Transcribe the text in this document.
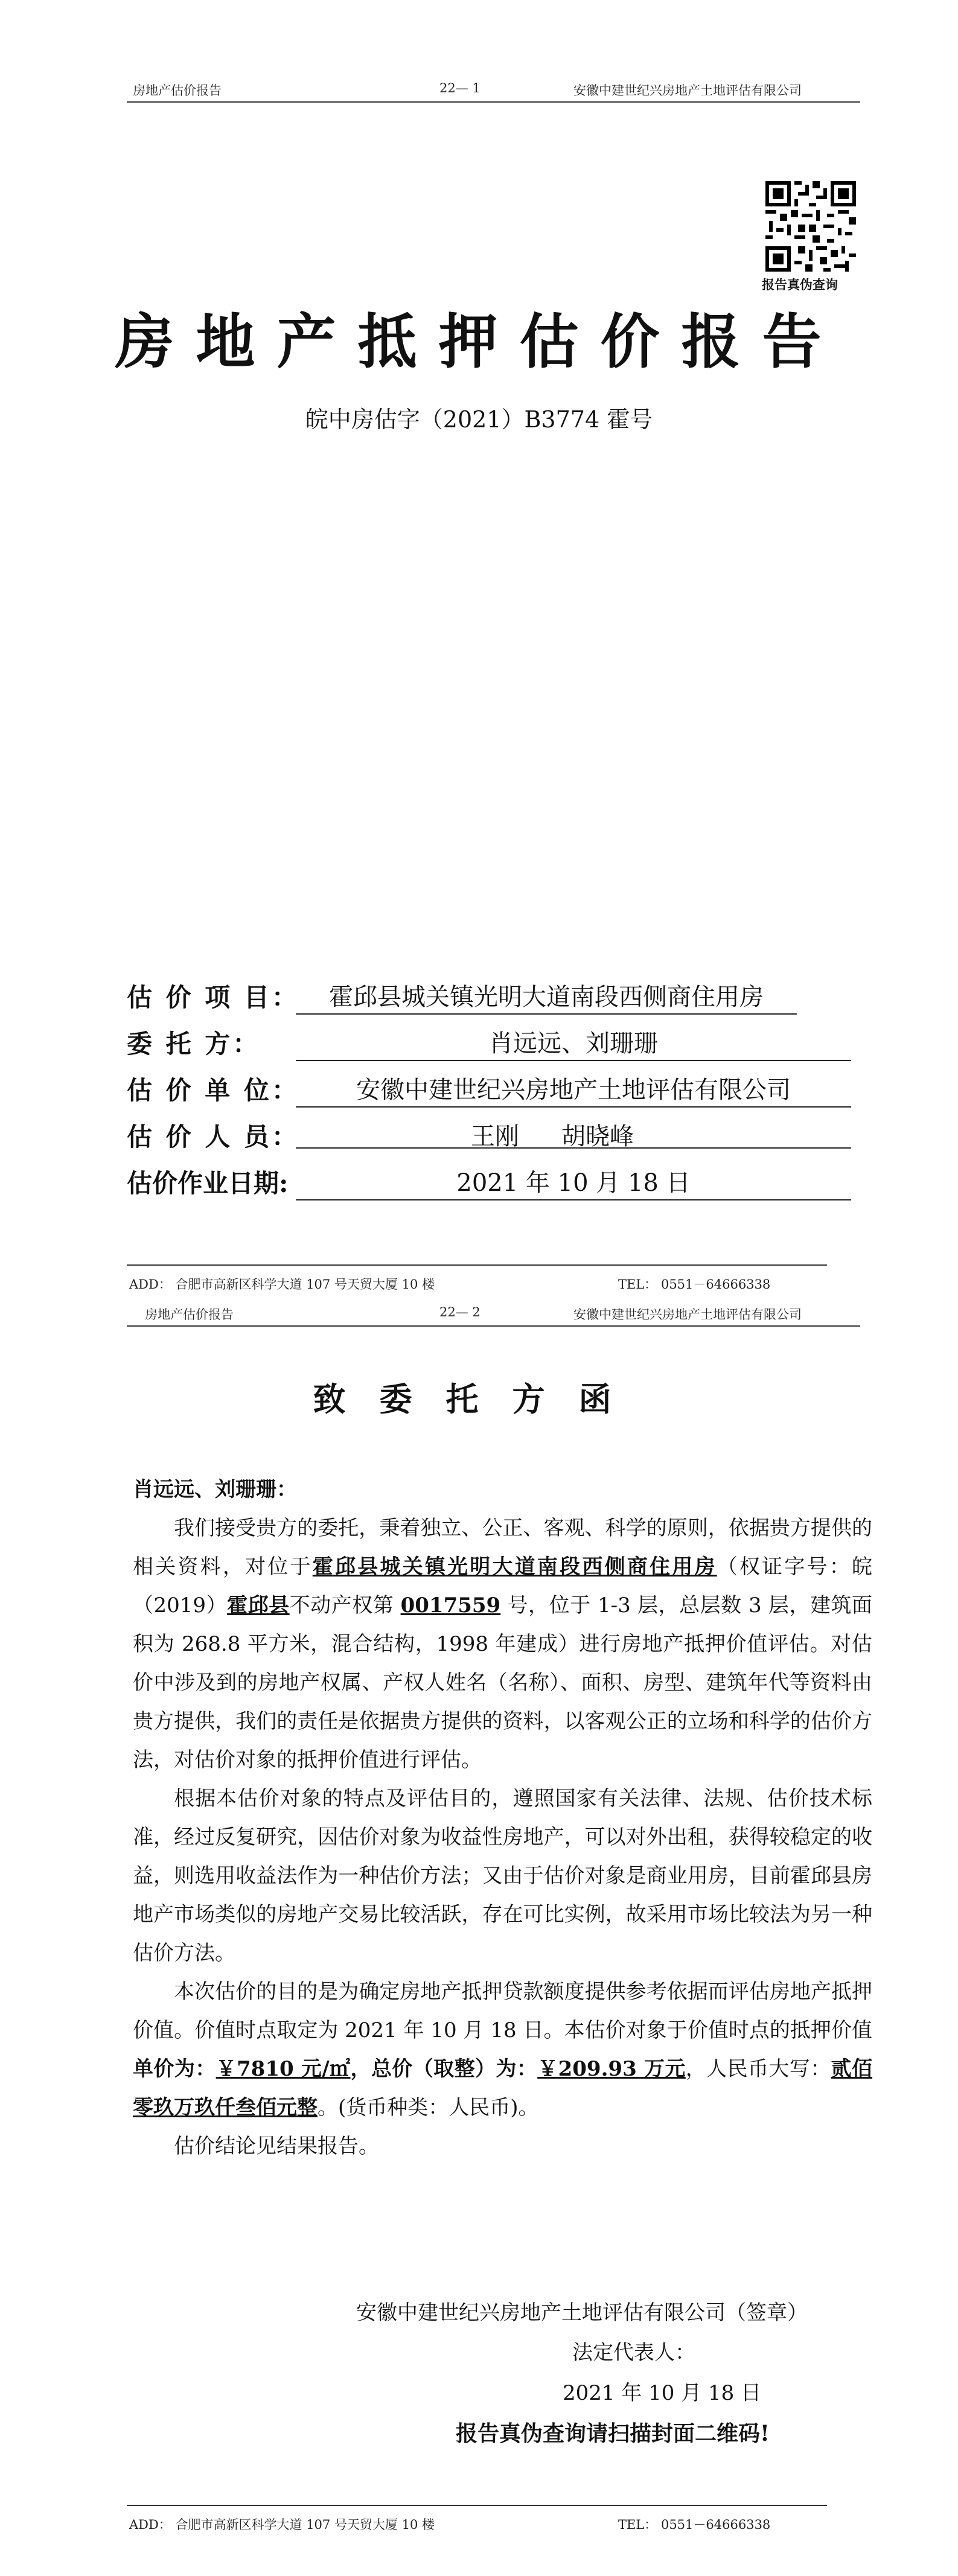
房地产估价报告	22— 1	安徽中建世纪兴房地产土地评估有限公司
报告真伪查询
房地产抵押估价报告
皖中房估字（2021）B3774 霍号
估 价 项 目：	霍邱县城关镇光明大道南段西侧商住用房
委 托 方：	肖远远、刘珊珊
估 价 单 位：	安徽中建世纪兴房地产土地评估有限公司
估 价 人 员：	王刚 胡晓峰
估价作业日期:	2021 年 10 月 18 日
ADD： 合肥市高新区科学大道 107 号天贸大厦 10 楼	TEL： 0551－64666338
房地产估价报告	22— 2	安徽中建世纪兴房地产土地评估有限公司
致委托方函
肖远远、刘珊珊：

我们接受贵方的委托，秉着独立、公正、客观、科学的原则，依据贵方提供的相关资料，对位于霍邱县城关镇光明大道南段西侧商住用房（权证字号：皖（2019）霍邱县不动产权第 0017559 号，位于 1-3 层，总层数 3 层，建筑面积为 268.8 平方米，混合结构，1998 年建成）进行房地产抵押价值评估。对估价中涉及到的房地产权属、产权人姓名（名称）、面积、房型、建筑年代等资料由贵方提供，我们的责任是依据贵方提供的资料，以客观公正的立场和科学的估价方法，对估价对象的抵押价值进行评估。

根据本估价对象的特点及评估目的，遵照国家有关法律、法规、估价技术标准，经过反复研究，因估价对象为收益性房地产，可以对外出租，获得较稳定的收益，则选用收益法作为一种估价方法；又由于估价对象是商业用房，目前霍邱县房地产市场类似的房地产交易比较活跃，存在可比实例，故采用市场比较法为另一种估价方法。

本次估价的目的是为确定房地产抵押贷款额度提供参考依据而评估房地产抵押价值。价值时点取定为 2021 年 10 月 18 日。本估价对象于价值时点的抵押价值单价为：￥7810 元/㎡，总价（取整）为：￥209.93 万元，人民币大写：贰佰零玖万玖仟叁佰元整。(货币种类：人民币)。

估价结论见结果报告。

安徽中建世纪兴房地产土地评估有限公司（签章）
法定代表人：
2021 年 10 月 18 日
报告真伪查询请扫描封面二维码!
ADD： 合肥市高新区科学大道 107 号天贸大厦 10 楼	TEL： 0551－64666338
